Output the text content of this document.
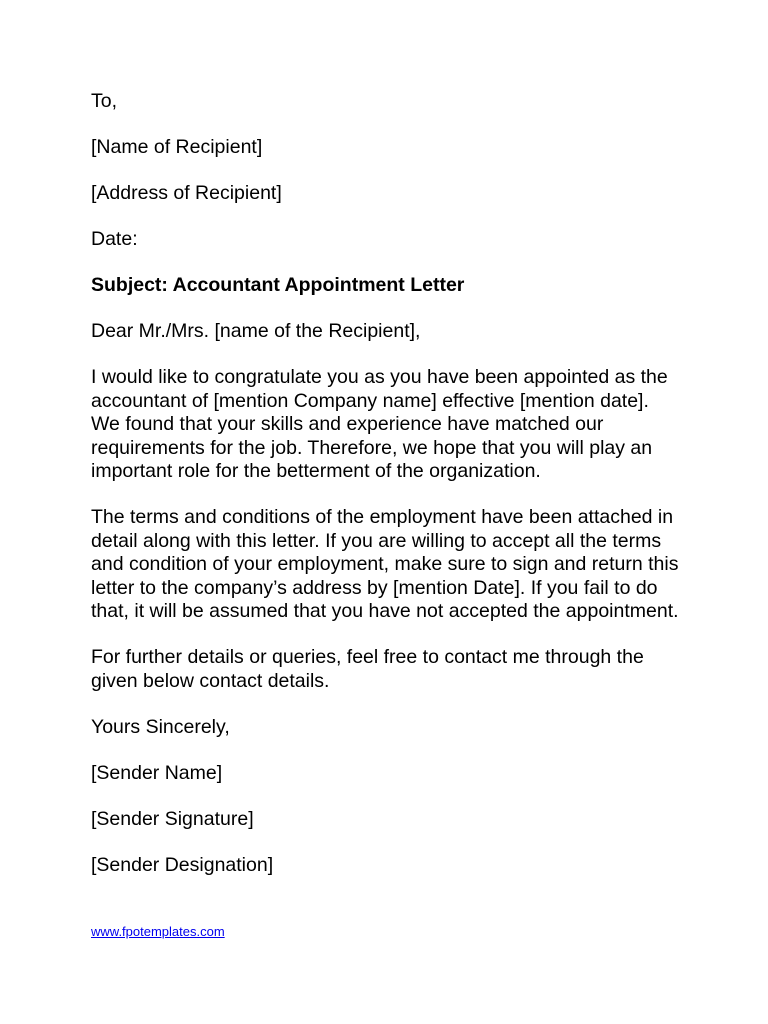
To,
[Name of Recipient]
[Address of Recipient]
Date:
Subject: Accountant Appointment Letter
Dear Mr./Mrs. [name of the Recipient],
I would like to congratulate you as you have been appointed as the accountant of [mention Company name] effective [mention date]. We found that your skills and experience have matched our requirements for the job. Therefore, we hope that you will play an important role for the betterment of the organization.
The terms and conditions of the employment have been attached in detail along with this letter. If you are willing to accept all the terms and condition of your employment, make sure to sign and return this letter to the company’s address by [mention Date]. If you fail to do that, it will be assumed that you have not accepted the appointment.
For further details or queries, feel free to contact me through the given below contact details.
Yours Sincerely,
[Sender Name]
[Sender Signature]
[Sender Designation]
www.fpotemplates.com
